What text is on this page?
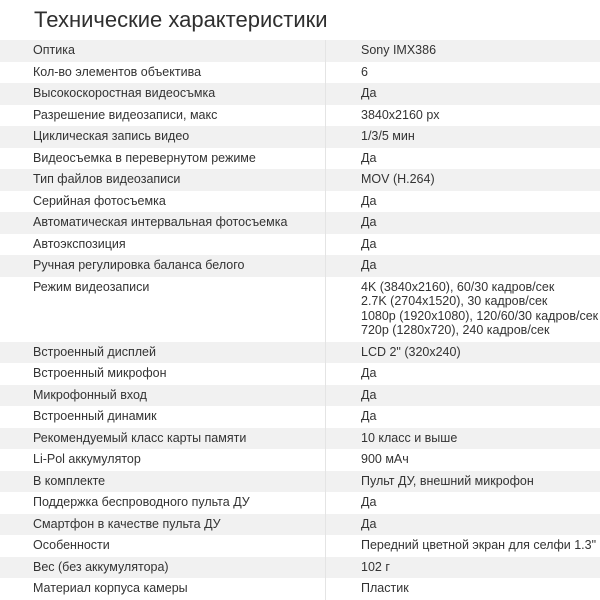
Технические характеристики
Оптика	Sony IMX386
Кол-во элементов объектива	6
Высокоскоростная видеосъмка	Да
Разрешение видеозаписи, макс	3840x2160 px
Циклическая запись видео	1/3/5 мин
Видеосъемка в перевернутом режиме	Да
Тип файлов видеозаписи	MOV (H.264)
Серийная фотосъемка	Да
Автоматическая интервальная фотосъемка	Да
Автоэкспозиция	Да
Ручная регулировка баланса белого	Да
Режим видеозаписи	4K (3840x2160), 60/30 кадров/сек
2.7K (2704x1520), 30 кадров/сек
1080p (1920x1080), 120/60/30 кадров/сек
720p (1280x720), 240 кадров/сек

Встроенный дисплей	LCD 2" (320x240)
Встроенный микрофон	Да
Микрофонный вход	Да
Встроенный динамик	Да
Рекомендуемый класс карты памяти	10 класс и выше
Li-Pol аккумулятор	900 мАч
В комплекте	Пульт ДУ, внешний микрофон
Поддержка беспроводного пульта ДУ	Да
Смартфон в качестве пульта ДУ	Да
Особенности	Передний цветной экран для селфи 1.3"
Вес (без аккумулятора)	102 г
Материал корпуса камеры	Пластик
